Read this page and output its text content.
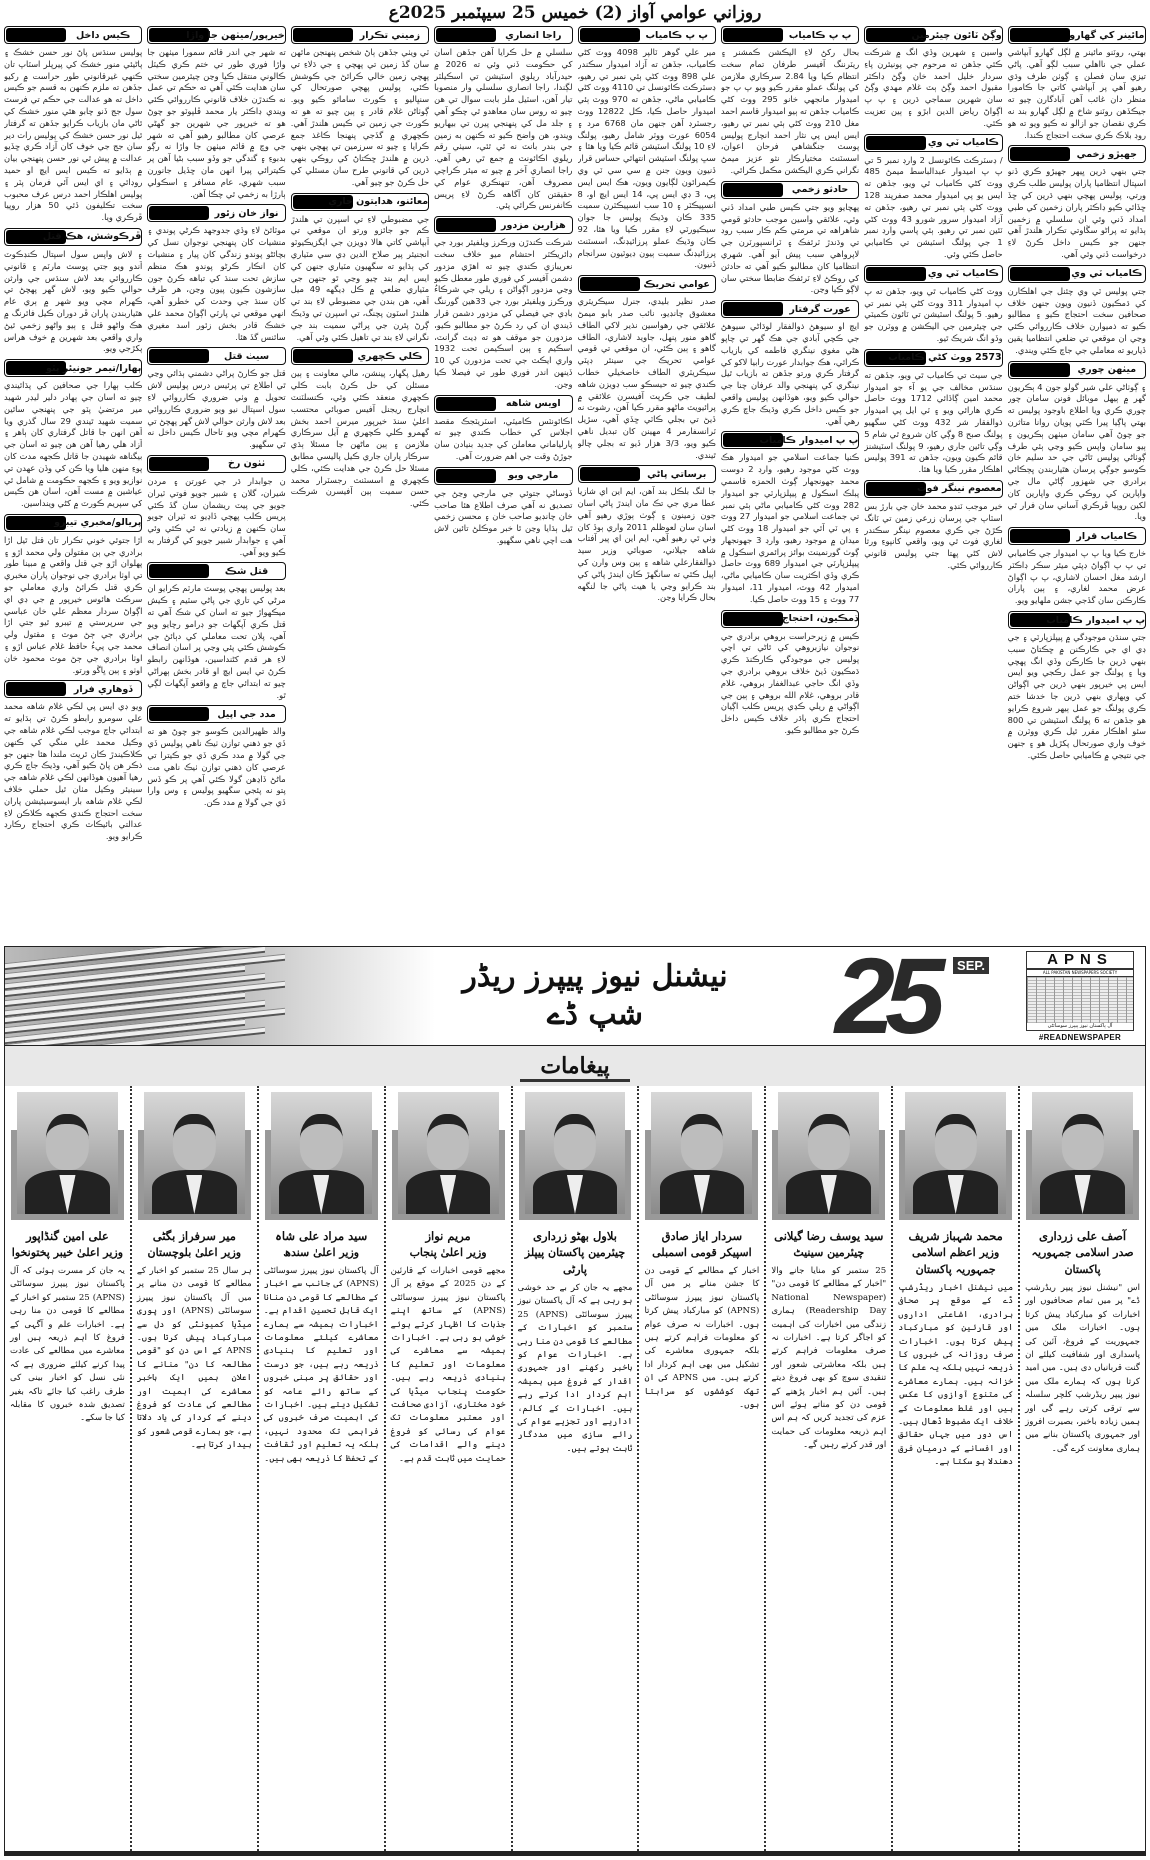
روزاني عوامي آواز (2) خميس 25 سيپٽمبر 2025ع
مائينر کي گهارو
بهتي، روٽنو مائينر ۾ لڳل گهارو آبپاشي عملي جي نااهلي سبب لڳو آهي. پاڻي تيزي سان فصلن ۽ ڳوٺن طرف وڌي رهيو آهي پر آبپاشي کاتي جا ڪامورا منظر دان غائب آهن آبادگارن چيو ته جيڪڏهن روٽنو شاخ ۾ لڳل گهارو بند نه ڪري نقصان جو ازالو نه ڪيو ويو ته هو روڊ بلاڪ ڪري سخت احتجاج ڪندا.
جهيڙو زخمي
جتي بنهي ڌرين ڀيهر جهيڙو ڪري ڏنو اسپتال انتظاميا پاران پوليس طلب ڪري ورتي، پوليس پهچي بنهي ڌرين کي ڇڏ ڇڏائي ڪيو ڊاڪٽر پاران زخمين کي طبي امداد ڏني وئي ان سلسلي ۾ زخمين ٻڌايو ته پراڻو سڱاوتي تڪرار هلندڙ آهي جنهن جو ڪيس داخل ڪرڻ لاءِ درخواست ڏني وئي آهي.
ڪامياب ٽي وي
جتي پوليس ٽي وي چئنل جي اهلڪارن کي ڌمڪيون ڏنيون ويون جنهن خلاف صحافين سخت احتجاج ڪيو ۽ مطالبو ڪيو ته ذميوارن خلاف ڪارروائي ڪئي وڃي ان موقعي تي ضلعي انتظاميا يقين ڏياريو ته معاملي جي جاچ ڪئي ويندي.
ميٺهن چوري
۽ ڳوٺاڻي علي شير گولو جون 4 ٻڪريون گهر ۾ ٻيهل موبائل فونن سامان چور چوري ڪري ويا اطلاع باوجود پوليس ته بهتي پاڳيا پيرا ڪٽي پويان روانا متاثرن جو چوڻ آهي سامان ميٺهن ٻڪريون ۽ ٻيو سامان واپس ڪيو وڃي ٻئي طرف ڳوٺاڻي پوليس ٿاڻي جي حد سليم خان ڪوسو جوڳي پرسان هٿياربندن ڀڄڪائي برادري جي شهزور ڳاڻي مال جي واپارين کي روڪي ڪري واپارين کان لکين روپيا ڦرڪري آساني سان فرار ٿي ويا.
ڪامياب قرار
خارج ڪيا ويا پ پ اميدوار جي ڪاميابي تي پ پ اڳواڻ ڊپٽي ميئر سڪر ڊاڪٽر ارشد مغل احسان لاشاري، پ پ اڳواڻ عرض محمد لغاري، ۽ ٻين پاران ڪارڪنن سان گڏجي جشن ملهايو ويو.
پ پ اميدوار ڪامياب
جتي سنڌن موجودگي ۾ پيپلزپارٽي ۽ جي ڊي اي جي ڪارڪنن ۾ ڇڪتاڻ سبب بنهي ڌرين جا ڪارڪن وڏي انگ پهچي ويا ۽ پولنگ جو عمل رڪجي ويو ايس ايس پي خيرپور بنهي ڌرين جي اڳواڻن کي ويهاري بنهي ڌرين جا خدشا ختم ڪري پولنگ جو عمل ٻيهر شروع ڪرايو هو جڏهن ته 6 پولنگ اسٽيشن تي 800 سئو اهلڪار مقرر ٿيل ڪري ووٽرن ۾ خوف واري صورتحال پکڙيل هو ۽ جنهن جي نتيجي ۾ ڪاميابي حاصل ڪئي.
وڳڻ ٽائون چيئرمين
واسين ۽ شهرين وڏي انگ ۾ شرڪت ڪئي جڏهن ته مرحوم جي پونيئرن پاءِ سردار خليل احمد خان وڳڻ ڊاڪٽر مقبول احمد وڳڻ ٻٽ غلام مهدي وڳڻ سان شهرين سماجي ڌرين ۽ پ پ اڳواڻ رياض الدين ابڙو ۽ ٻين تعزيت ڪئي.
ڪامياب ٽي وي
/ ڊسٽرڪٽ ڪائونسل 2 وارڊ نمبر 5 تي پ پ اميدوار عبدالباسط ميمڻ 485 ووٽ کڻي ڪامياب ٿي ويو، جڏهن ته ايس يو پي اميدوار محمد صفرپند 128 ووٽ کڻي ٻئي نمبر تي رهيو، جڏهن ته آزاد اميدوار سرور شورو 43 ووٽ کڻي ٽئين نمبر تي رهيو. ٻئي پاسي وارڊ نمبر 1 جي پولنگ اسٽيشن تي ڪاميابي حاصل ڪئي وئي.
ڪامياب ٽي وي
ووٽ کڻي ڪامياب ٿي ويو، جڏهن ته پ پ اميدوار 311 ووٽ کڻي ٻئي نمبر تي رهيو. 5 پولنگ اسٽيشن تي ٽائون ڪميٽي جي چيئرمين جي اليڪشن ۾ ووٽرن جو وڏو انگ شريڪ ٿيو.
2573 ووٽ کڻي ڪامياب
جي سيٽ تي ڪامياب ٿي ويو، جڏهن ته سنڌس مخالف جي يو آء جو اميدوار محمد امين ڳاڏائي 1712 ووٽ حاصل ڪري هارائي ويو ۽ ٽي ايل پي اميدوار ذوالفقار شر 432 ووٽ کڻي سگهيو پولنگ صبح 8 وڳي کان شروع ٿي شام 5 وڳي تائين جاري رهيو، 9 پولنگ اسٽيشنز قائم ڪيون ويون، جڏهن ته 391 پوليس اهلڪار مقرر ڪيا ويا هئا.
معصوم نينگر فوت
خير موجب ٽنڊو محمد خان جي بارڙ بس اسٽاپ جي پرسان زرعي زمين تي ٽانگ ڪڙڻ جي ڪري معصوم نينگر سڪندر لغاري فوت ٿي ويو، واقعي کانپوءِ ورثا لاش کڻي پهتا جتي پوليس قانوني ڪارروائي ڪئي.
پ پ ڪامياب
بحال رکڻ لاءِ اليڪشن ڪمشنر ۽ ريٽرننگ آفيسر طرفان تمام سخت انتظام ڪيا ويا 2.84 سرڪاري ملازمن کي پولنگ عملو مقرر ڪيو ويو پ پ جو اميدوار مانجهي خانو 295 ووٽ کڻي ڪامياب جڏهن ته ٻيو اميدوار قاسم احمد مغل 210 ووٽ کڻي ٻئي نمبر تي رهيو، ايس ايس پي نثار احمد انچارج پوليس پوسٽ جنگشاهي فرحان اعوان، اسسٽنٽ مختيارڪار نثو عزيز ميمڻ نگراني ڪري اليڪشن مڪمل ڪرائي.
حادثو زخمي
پهچايو ويو جتي ڪيس طبي امداد ڏني وئي، علائقي واسين موجب حادثو قومي شاهراهه تي مرمتي ڪم ڪار سبب روڊ تي وڌندڙ ٽرئفڪ ۽ ٽرانسپورٽرن جي لاپرواهي سبب پيش آيو آهي. شهري انتظاميا کان مطالبو ڪيو آهي ته حادثن کي روڪڻ لاءِ ٽرئفڪ ضابطا سختي سان لاڳو ڪيا وڃن.
عورت گرفتار
ايچ او سيوهڻ ذوالفقار لوڌاڻي سيوهڻ جي ڪچي آبادي جي هڪ گهر تي چاپو هڻي مغوي نينگري فاطمه کي بازياب ڪرائي، هڪ جوابدار عورت رابيا لاکو کي گرفتار ڪري ورتو جڏهن ته بازياب ٿيل نينگري کي پنهنجي والد عرفان چنا جي حوالي ڪيو ويو، هوڏانهن پوليس واقعي جو ڪيس داخل ڪري وڌيڪ جاچ ڪري رهي آهي.
پ پ اميدوار ڪامياب
ڪنيا جماعت اسلامي جو اميدوار هڪ ووٽ کڻي موجود رهيو، وارڊ 2 دوست محمد جهونجهار ڳوٺ الحمزه قاسمي پبلڪ اسڪول ۾ پيپلزپارٽي جو اميدوار 282 ووٽ کڻي ڪاميابي ماڻي ٻئي نمبر تي جماعت اسلامي جو اميدوار 27 ووٽ ۽ پي ٽي آئي جو اميدوار 18 ووٽ کڻي ميدان ۾ موجود رهيو، وارڊ 3 جهونجهار ڳوٺ گورنمينٽ بوائز پرائمري اسڪول ۾ پيپلزپارٽي جي اميدوار 689 ووٽ حاصل ڪري وڏي اڪثريت سان ڪاميابي ماڻي، اميدوار 42 ووٽ، اميدوار 11، اميدوار 77 ووٽ ۽ 15 ووٽ حاصل ڪيا.
ڌمڪيون، احتجاج
ڪيس ۾ زيرحراست بروهي برادري جي نوجوان نيازبروهي کي ٿاڻي تي اچي پوليس جي موجودگي ڪارڪنڌ ڪري ڌمڪيون ڏيڻ خلاف بروهي برادري جي وڏي انگ حاجي عبدالغفار بروهي، غلام قادر بروهي، غلام الله بروهي ۽ ٻين جي اڳواڻي ۾ ريلي ڪڍي پريس ڪلب اڳيان احتجاج ڪري ٻاڌر خلاف ڪيس داخل ڪرڻ جو مطالبو ڪيو.
پ پ ڪامياب
مير علي گوهر ٽالپر 4098 ووٽ کڻي ڪامياب، جڏهن ته آزاد اميدوار سڪندر علي 898 ووٽ کڻي ٻئي نمبر تي رهيو، ڊسٽرڪٽ ڪائونسل تي 4110 ووٽ کڻي ڪاميابي ماڻي، جڏهن ته 970 ووٽ ٻئي اميدوار حاصل ڪيا، ڪل 12822 ووٽ رجسٽرڊ آهن جنهن مان 6768 مرد ۽ 6054 عورت ووٽر شامل رهيو، پولنگ لاءِ 10 پولنگ اسٽيشن قائم ڪيا ويا هئا ۽ سڀ پولنگ اسٽيشن انتهائي حساس قرار ڏنيون ويون جنن ۾ سي سي ٽي وي ڪيمرائون لڳايون ويون، هڪ ايس ايس پي، 3 ڊي ايس پي، 14 ايس ايڇ او، 8 انسپيڪٽر ۽ 10 سب انسپيڪٽرن سميت 335 ڪان وڌيڪ پوليس جا جوان سيڪيورٽي لاءِ مقرر ڪيا ويا هئا، 92 ڪان وڌيڪ عملو پرزائيڊنگ، اسسٽنٽ پرزائيڊنگ سميت ٻيون ڊيوٽيون سرانجام ڏنيون.
عوامي تحريڪ
صدر نظير بليدي، جنرل سيڪريٽري معشوق چانڊيو، نائب صدر بابو ميمڻ علائقي جي رهواسين نذير لاکي الطاف گاهو منور پنهل، جاويد لاشاري، الطاف گاهو ۽ ٻين ڪئي، ان موقعي تي قومي عوامي تحريڪ جي سينئر ڊپٽي سيڪريٽري الطاف خاصخيلي خطاب ڪندي چيو ته حيسڪو سب ڊويزن شاهه لطيف جي ڪرپٽ آفيسرن علائقي ۾ پرائيويٽ ماڻهو مقرر ڪيا آهن، رشوت نه ڏيڻ تي بجلي ڪاٽي ڇڏي آهي، سڙيل ٽرانسفارمر 4 مهينن کان تبديل ناهي ڪيو ويو، 3/3 هزار ڏيو ته بجلي چالو ٿيندي.
برساتي پاڻي
جا لنگ بلڪل بند آهن، ايم اين اي شازيا عطا مري جي تڪ مان ايندڙ پاڻي اسان جون زمينون ۽ ڳوٺ ٻوڙي رهيو آهي اسان سان لعوظلم 2011 واري ٻوڏ کان وٺي ٿي رهيو آهي، ايم اين اي پير آفتاب شاهه جيلاني، صوبائي وزير سيد ذوالفقارعلي شاهه ۽ ٻين وس وارن کي اپيل ڪئي ته سانگهڙ ڪان ايندڙ پاڻي کي بند ڪرايو وڃي يا هيٺ پاڻي جا لنگهه بحال ڪرايا وڃن.
راجا انصاري
سلسلي ۾ حل ڪرايا آهن جڏهن اسان کي حڪومت ڏني وئي ته 2026 ۾ حيدرآباد ريلوي اسٽيشن تي اسڪيلٽر لڳندا، راجا انصاري سلسلي وار منصوبا تيار آهن، اسٽيل ملز بابت سوال تي هن چيو ته روس سان معاهدو ٿي چڪو آهي ۽ جلد مل کي پنهنجي پيرن تي بيهاريو ويندو، هن واضح ڪيو ته ڪنهن به زمين جي بندر بانٽ نه ٿي ٿئي، سيٺي رقم ريلوي اڪائونٽ ۾ جمع ٿي رهي آهي. راجا انصاري آخر ۾ چيو ته ميئر ڪراچي مصروف آهن، تنهنڪري عوام کي حقيقتن کان آگاهه ڪرڻ لاءِ پريس ڪانفرنس ڪرائي پئي.
هزارين مزدور
شرڪت ڪندڙن ورڪرز ويلفيئر بورڊ جي ڊائريڪٽر احتشام ميو خلاف سخت نعريبازي ڪندي چيو ته اهڙي مزدور دشمن آفيسر کي فوري طور معطل ڪيو وڃي مزدور اڳواڻن ۽ ريلي جي شرڪاءُ ورڪرز ويلفيئر بورڊ جي 33هين گورننگ باڊي جي فيصلي کي مزدور دشمن قرار ڏيندي ان کي رد ڪرڻ جو مطالبو ڪيو، مزدورن جو موقف هو ته ڊيٿ گرانٽ، اسڪيم ۽ ٻين اسڪيمن تحت 1932 واري ايڪٽ جي تحت مزدورن کي 10 ڏينهن اندر فوري طور تي فيصلا ڪيا وڃن.
اويس شاهه
اڪائونٽس ڪاميٽي، اسٽريٽجڪ مقصد اجلاس کي خطاب ڪندي چيو ته پارلياماني معاملن کي جديد بنيادن سان جوڙڻ وقت جي اهم ضرورت آهي.
مارجي ويو
ڏوساڻي جتوئي جي مارجي وڃڻ جي تصديق نه آهي صرف اطلاع هئا صاحب خان چانڊيو صاحب خان ۽ محسن زخمي ٿيل ٻڌايا وڃن ٿا خبر موڪلڻ تائين لاش هت اچي ناهي سگهيو.
زميني تڪرار
ٽي ويٺي جڏهن ٻاڻ شخص پنهنجن مائهن سان گڏ زمين تي پهچي ۽ جي ڌلاءِ تي پهچي زمين خالي ڪرائڻ جي ڪوشش ڪئي، پوليس پهچي صورتحال کي سنڀاليو ۽ ڪورٽ سامائو ڪيو ويو. ڳوٺاڻن غلام قادر ۽ ٻين چيو ته هو ته ڪورٽ جي زمين تي ڪيس هلندڙ آهي. ڪچهري ۾ گڏجي پنهنجا ڪاغذ جمع ڪرايا ۽ چيو ته سرزمين تي پهچي بنهي ڌرين ۾ هلندڙ ڇڪتاڻ کي روڪي بنهي ڌرين کي قانوني طرح سان مسئلي کي حل ڪرڻ جو چيو آهي.
معائنو، هدايتون جاري
جي مضبوطي لاءِ تي اسپرن تي هلندڙ ڪم جو جائزو ورتو ان موقعي تي آبپاشي کاتي هالا ڊويزن جي ايگزيڪيوٽو انجنيئر پير صلاح الدين ڊي سي مٽياري کي ٻڌايو ته سگهيون مٽياري جنهن کي ايس ايم بند چيو وڃي ٿو جنهن جي مٽياري ضلعي ۾ ڪل ڊيگهه 49 ميل آهي، هن بندن جي مضبوطي لاءِ بند تي هلندڙ اسٽون پچنگ، تي اسپرن تي وڌيڪ ڳرڻ پٿرن جي پراڻي سميت بند جي نگراني لاءِ بند تي تاهيل ڪئي وئي آهي.
ڪلي ڪچهري
رهيل پگهار، پينشن، مالي معاونت ۽ ٻين مسئلن کي حل ڪرڻ بابت ڪلي ڪچهري منعقد ڪئي وئي، ڪنسلٽنٽ انچارج ريجنل آفيس صوبائي محتسب اعليٰ سنڌ خيرپور ميرس احمد بخش گهمرو ڪلي ڪچهري ۾ آيل سرڪاري ملازمن ۽ ٻين ماڻهن جا مسئلا ٻڌي سرڪار پاران جاري ڪيل پاليسي مطابق مسئلا حل ڪرڻ جي هدايت ڪئي، ڪلي ڪچهري ۾ اسسٽنٽ رجسٽرار محمد حسن سميت ٻين آفيسرن شرڪت ڪئي.
خيرپور/ميٺهن جا واڙا
ته شهر جي اندر قائم سمورا ميٺهن جا واڙا فوري طور تي ختم ڪري ڪيٽل ڪالوني منتقل ڪيا وڃن چيئرمين سختي سان هدايت ڪئي آهي ته حڪم تي عمل نه ڪندڙن خلاف قانوني ڪارروائي ڪئي ويندي ڊاڪٽر يار محمد ڦلپوٽو جو چوڻ هو ته خيرپور جي شهرين جو گهڻي عرصي کان مطالبو رهيو آهي ته شهر جي وچ ۾ قائم ميٺهن جا واڙا نه رڳو بدبوءِ ۽ گندگي جو وڏو سبب بڻيا آهن پر ڪيترائي پيرا انهن مان ڇڏيل جانورن سبب شهري، عام مسافر ۽ اسڪولي ٻارڙا به زخمي ٿي چڪا آهن.
نواز خان زئور
موٽائڻ لاءِ وڏي جدوجهد ڪرڻي پوندي ۽ منشيات کان پنهنجي نوجوان نسل کي بچائڻو پوندو زندگي کان پيار ۽ منشيات کان انڪار ڪرڻو پوندو هڪ منظم سازش تحت سنڌ کي تباهه ڪرڻ جون سازشون ڪيون پيون وڃن، هر طرف کان سنڌ جي وحدت کي خطرو آهي، انهي موقعي تي پارٽي اڳواڻ محمد علي خشڪ قادر بخش زئور اسد مغيري سائنس گڏ هئا.
سيٺ قتل
قتل جو ڪارڻ پراڻي دشمني ٻڌائي وڃي ٿي اطلاع تي پرئيس درس پوليس لاش تحويل ۾ وٺي ضروري ڪارروائي لاءِ سول اسپتال نيو ويو ضروري ڪارروائي بعد لاش وارثن حوالي لاش گهر پهچڻ تي ڪهرام مچي ويو تاحال ڪيس داخل نه ٿي سگهيو.
ٺٺون رخ
ن جوابدار ڌر جي عورتن ۽ مردن شيران، گلان ۽ شبير جويو فوتي ٽيران جويو جي پيٽ ريشمان سان گڏ ڪئي پريس ڪلب پهچي ڏاڍيو ته ٽيران جويو سان ڪنهن ۾ زيادتي نه ٿي ڪئي وئي آهي ۽ جوابدار شبير جويو کي گرفتار به ڪيو ويو آهي.
قتل شڪ
بعد پوليس پهچي پوسٽ مارٽم ڪرايو ان مرڻي کي تاري جي پاڻي سٽيم ۽ ڪيش ميڪهواڙ جيو ته اسان کي شڪ آهي ته قتل ڪري آپگهات جو ڊرامو رچايو ويو آهي، پلان تحت معاملي کي دٻائڻ جي ڪوشش ڪئي پئي وڃي پر اسان انصاف لاءِ هر قدم کڻنداسين، هوڏانهن رابطو ڪرڻ تي ايس ايڇ او قادر بخش ٻهراڻي چيو ته ابتدائي جاچ ۾ واقعو آپگهات لڳي ٿو.
مدد جي اپيل
والد ظهيرالدين ڪوسو جو چوڻ هو ته ڏي جو ذهني توازن ٺيڪ ناهي پوليس ڏي جي گولا ۾ مدد ڪري ڏي جو ڪيترا تي عرصي کان ذهني توازن ٺيڪ ناهي مت ماڻڻ ڏاڍهن گولا ڪئي آهي پر ڪو ڏس پتو نه پئجي سگهيو پوليس ۽ وس وارا ڏي جي گولا ۾ مدد ڪن.
ڪيس داخل
پوليس سنڌس پاڻ نور حسن خشڪ ۽ پاڻيئي منور خشڪ کي پيرپلر اسٽاپ تان ڪنهي غيرقانوني طور حراست ۾ رکيو جڏهن ته ملزم ڪنهن به قسم جو ڪيس داخل ته هو عدالت جي حڪم تي فرسٽ سول جج ڏنو چابو هٿي منور خشڪ کي ٿاڻي مان بازياب ڪرايو جڏهن ته گرفتار ٿيل نور حسن خشڪ کي پوليس رات دير سان جج جي خوف کان آزاد ڪري ڇڏيو عدالت ۾ پيش ٿي نور حسن پنهنجي بيان ۾ ٻڌايو ته ڪيس ايس ايڇ او حميد روڊائي ۽ اي ايس آئي فرمان پٽر ۽ پوليس اهلڪار احمد درس عرف محبوب سخت تڪليفون ڏئي 50 هزار روپيا ڦرڪري ويا.
ڦرڪوشش، هڪ قتل
۽ لاش واپس سول اسپتال ڪنڊڪوٽ آندو ويو جتي پوسٽ مارٽم ۽ قانوني ڪارروائي بعد لاش سنڌس جي وارثن حوالي ڪيو ويو، لاش گهر پهچڻ تي ڪهرام مچي ويو شهر ۾ ٻري عام هٿياربندن پاران ڦر دوران ڪيل فائرنگ ۾ هڪ واڻهو قتل ۽ ٻيو واڻهو زخمي ٿيڻ واري واقعي بعد شهرين ۾ خوف هراس پکڙجي ويو.
ٻهارا/تيمر جونيئر پٽو
ڪلب ٻهارا جي صحافين کي پڌائيندي چيو ته اسان جي ٻهادر دلير ليڊر شهيد مير مرتضيٰ پٽو جي پنهنجي ساٿين سميت شهيد ٿيندي 29 سال گذري ويا آهن انهن جا قاتل گرفتاري کان ٻاهر ۽ آزاد هلي رهيا آهن هن چيو ته اسان جي بيگناهه شهيدن جا قاتل ڪجهه مدت کان پوءِ منهن هليا ويا ڪن کي وڏن عهدن تي نوازيو ويو ۽ ڪجهه حڪومت ۾ شامل ٿي عياشين ۾ مست آهن، اسان هن ڪيس کي سپريم ڪورٽ ۾ کڻي وينداسين.
پريالو/مخبري تيبرو
اڙا جتوئي خوني تڪرار تان قتل ٿيل اڙا برادري جي ٻن مقتولن ولي محمد اڙو ۽ پهلوان اڙو جي قتل واقعي ۾ مبينا طور تي اوٺا برادري جي نوجوان پاران مخبري ڪري قتل ڪرائڻ واري معاملي جو سرڪٽ هائوس خيرپور ۾ جي ڊي اي اڳواڻ سردار معظم علي خان عباسي جي سرپرستي ۾ تيبرو ٿيو جتي اڙا برادري جي ڄڻ موٽ ۽ مقتول ولي محمد جي پيءُ حافظ غلام عباس اڙو ۽ اوٺا برادري جي ڄڻ موٽ محمود خان اوٺو ۽ ٻين ڀاڱو ورتو.
ڏوهاري فرار
ويو ڊي ايس پي لڪي غلام شاهه محمد علي سومرو رابطو ڪرڻ تي ٻڌايو ته ابتدائي جاچ موجب لڪي غلام شاهه جي وڪيل محمد علي منگي کي ڪنهن ڪلاڪيندڙ ڪان ٿريٽ ملندا هئا جنهن جو ذڪر هن پاڻ ڪيو آهي، وڌيڪ جاچ ڪري رهيا آهيون هوڏانهن لڪي غلام شاهه جي سينيئر وڪيل مٺان ٿيل حملي خلاف لڪي غلام شاهه بار ايسوسيئيشن پاران سخت احتجاج ڪندي ڪجهه ڪلاڪن لاءِ عدالتي بائيڪاٽ ڪري احتجاج رڪارڊ ڪرايو ويو.
نیشنل نیوز پیپرز ریڈر
شپ ڈے 25	SEP.	APNS
ALL PAKISTAN NEWSPAPERS SOCIETY
آل پاکستان نیوز پیپرز سوسائٹی
#READNEWSPAPER
پیغامات
آصف علی زرداری
صدر اسلامی جمہوریہ پاکستان
اس "نیشنل نیوز پیپر ریڈرشپ ڈے" پر میں تمام صحافیوں اور اخبارات کو مبارکباد پیش کرتا ہوں۔ اخبارات ملک میں جمہوریت کے فروغ، آئین کی پاسداری اور شفافیت کیلئے ان گنت قربانیاں دی ہیں۔ میں امید کرتا ہوں کہ ہمارے ملک میں نیوز پیپر ریڈرشپ کلچر سلسلہ سے ترقی کرتی رہے گی اور ہمیں زیادہ باخبر، بصیرت افروز اور جمہوری پاکستان بنانے میں ہماری معاونت کرے گی۔
محمد شہباز شریف
وزیر اعظم اسلامی جمہوریہ پاکستان
میں نیشنل اخبار ریڈرشپ ڈے کے موقع پر صحافی برادری، اشاعتی اداروں اور قارئین کو مبارکباد پیش کرتا ہوں۔ اخبارات صرف روزانہ کی خبروں کا ذریعہ نہیں بلکہ یہ علم کا خزانہ ہیں۔ ہمارے معاشرے کی متنوع آوازوں کا عکس ہیں اور غلط معلومات کے خلاف ایک مضبوط ڈھال ہیں۔ اس دور میں جہاں حقائق اور افسانے کے درمیان فرق دھندلا ہو سکتا ہے۔
سید یوسف رضا گیلانی
چیئرمین سینیٹ
25 ستمبر کو منایا جانے والا "اخبار کے مطالعے کا قومی دن" (National Newspaper Readership Day) ہماری زندگی میں اخبارات کی اہمیت کو اجاگر کرتا ہے۔ اخبارات نہ صرف معلومات فراہم کرتے ہیں بلکہ معاشرتی شعور اور تنقیدی سوچ کو بھی فروغ دیتے ہیں۔ آئیں ہم اخبار پڑھنے کے قومی دن کو مناتے ہوئے اس عزم کی تجدید کریں کہ ہم اس اہم ذریعہ معلومات کی حمایت اور قدر کرتے رہیں گے۔
سردار ایاز صادق
اسپیکر قومی اسمبلی
اخبار کے مطالعے کے قومی دن کا جشن منانے پر میں آل پاکستان نیوز پیپرز سوسائٹی (APNS) کو مبارکباد پیش کرتا ہوں۔ اخبارات نہ صرف عوام کو معلومات فراہم کرتے ہیں بلکہ جمہوری معاشرے کی تشکیل میں بھی اہم کردار ادا کرتے ہیں۔ میں APNS کی ان تھک کوششوں کو سراہتا ہوں۔
بلاول بھٹو زرداری
چیئرمین پاکستان پیپلز پارٹی
مجھے یہ جان کر بے حد خوشی ہو رہی ہے کہ آل پاکستان نیوز پیپرز سوسائٹی (APNS) 25 ستمبر کو اخبارات کے مطالعے کا قومی دن منا رہی ہے۔ اخبارات عوام کو باخبر رکھنے اور جمہوری اقدار کے فروغ میں ہمیشہ اہم کردار ادا کرتے رہے ہیں۔ اخبارات کے کالم، اداریے اور تجزیے عوام کی رائے سازی میں مددگار ثابت ہوتے ہیں۔
مریم نواز
وزیر اعلیٰ پنجاب
مجھے قومی اخبارات کے قارئین کے دن 2025 کے موقع پر آل پاکستان نیوز پیپرز سوسائٹی (APNS) کے ساتھ اپنے جذبات کا اظہار کرتے ہوئے خوشی ہو رہی ہے۔ اخبارات ہمیشہ سے معاشرے کی معلومات اور تعلیم کا بنیادی ذریعہ رہے ہیں۔ حکومت پنجاب میڈیا کی خود مختاری، آزادی صحافت اور معتبر معلومات تک عوام کی رسائی کو فروغ دینے والے اقدامات کی حمایت میں ثابت قدم ہے۔
سید مراد علی شاہ
وزیر اعلیٰ سندھ
آل پاکستان نیوز پیپرز سوسائٹی (APNS) کی جانب سے اخبار کے مطالعے کا قومی دن منانا ایک قابل تحسین اقدام ہے۔ اخبارات ہمیشہ سے ہمارے معاشرے کیلئے معلومات اور تعلیم کا بنیادی ذریعہ رہے ہیں، جو درست اور حقائق پر مبنی خبروں کے ساتھ رائے عامہ کو تشکیل دیتے ہیں۔ اخبارات کی اہمیت صرف خبروں کی فراہمی تک محدود نہیں، بلکہ یہ تعلیم اور ثقافت کے تحفظ کا ذریعہ بھی ہیں۔
میر سرفراز بگٹی
وزیر اعلیٰ بلوچستان
ہر سال 25 ستمبر کو اخبار کے مطالعے کا قومی دن منانے پر میں آل پاکستان نیوز پیپرز سوسائٹی (APNS) اور پوری میڈیا کمیونٹی کو دل سے مبارکباد پیش کرتا ہوں۔ APNS کے اس دن کو "قومی مطالعہ کا دن" منانے کا اعلان ہمیں ایک باخبر معاشرے کی اہمیت اور مطالعے کی عادت کو فروغ دینے کے کردار کی یاد دلاتا ہے، جو ہمارے قومی شعور کو بیدار کرتا ہے۔
علی امین گنڈاپور
وزیر اعلیٰ خیبر پختونخوا
یہ جان کر مسرت ہوئی کہ آل پاکستان نیوز پیپرز سوسائٹی (APNS) 25 ستمبر کو اخبار کے مطالعے کا قومی دن منا رہی ہے۔ اخبارات علم و آگہی کے فروغ کا اہم ذریعہ ہیں اور معاشرے میں مطالعے کی عادت پیدا کرنے کیلئے ضروری ہے کہ نئی نسل کو اخبار بینی کی طرف راغب کیا جائے تاکہ بغیر تصدیق شدہ خبروں کا مقابلہ کیا جا سکے۔
